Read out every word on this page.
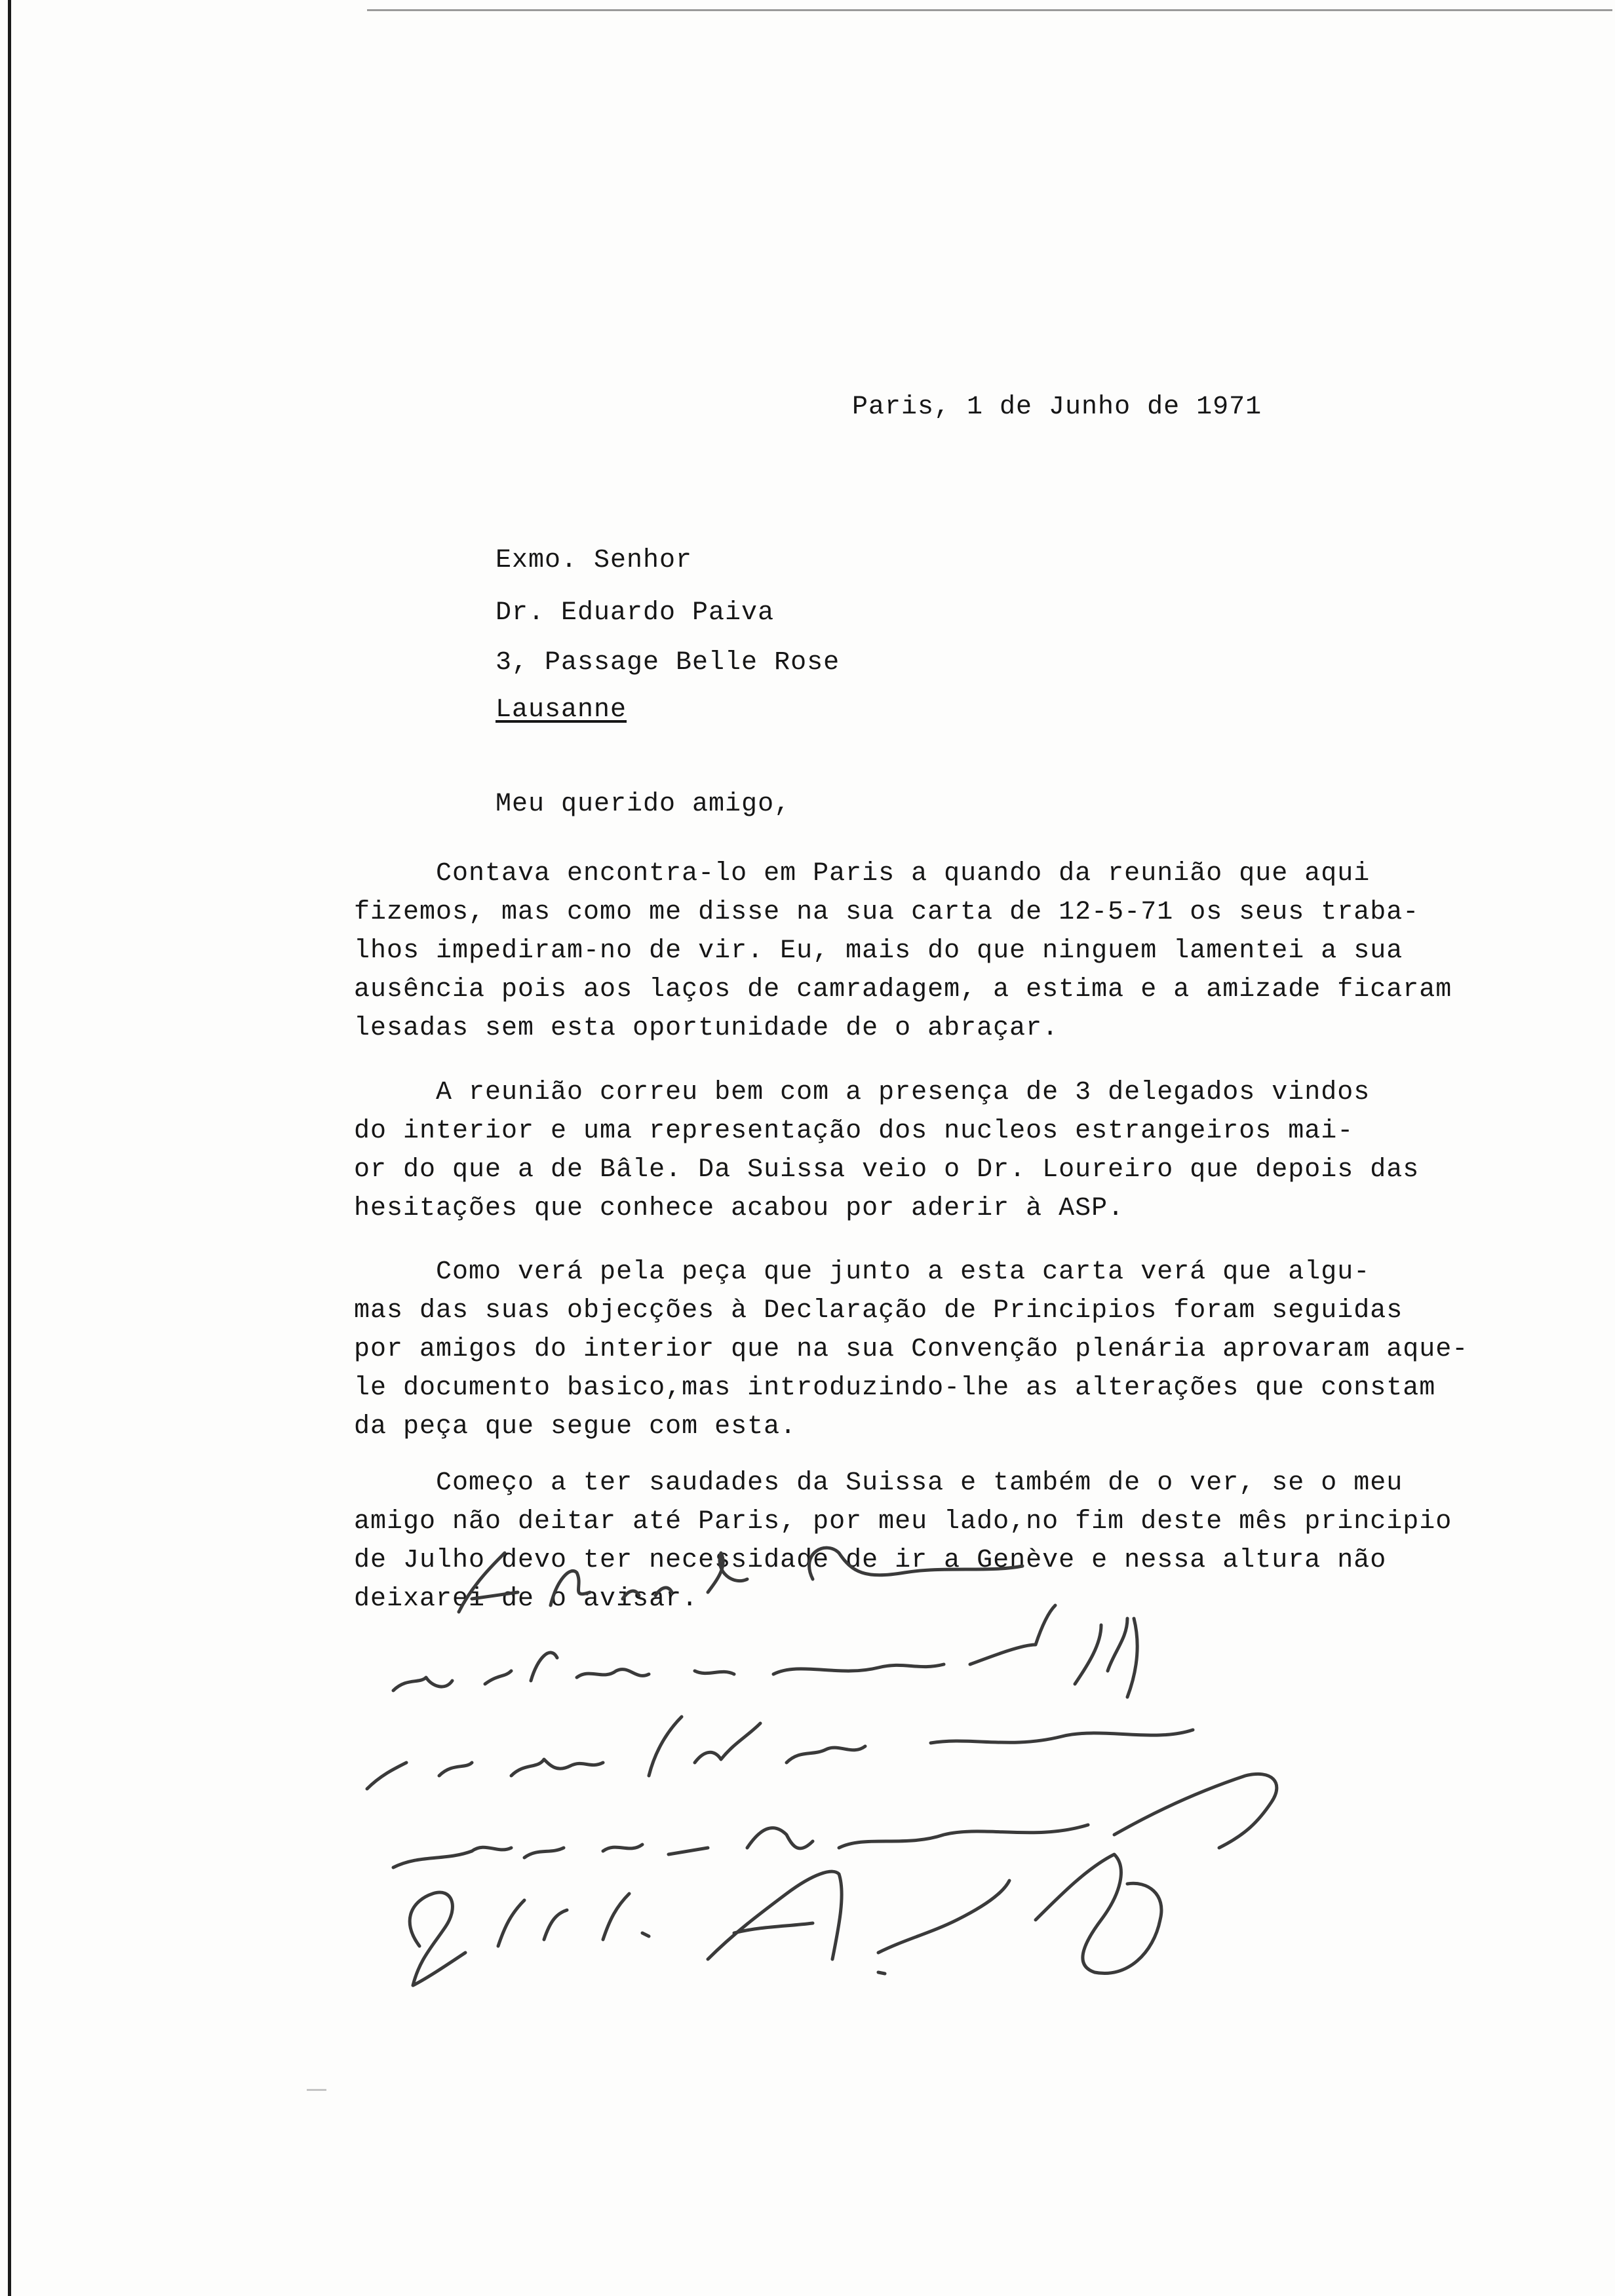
Paris, 1 de Junho de 1971
Exmo. Senhor
Dr. Eduardo Paiva
3, Passage Belle Rose
Lausanne
Meu querido amigo,
Contava encontra-lo em Paris a quando da reunião que aqui
fizemos, mas como me disse na sua carta de 12-5-71 os seus traba-
lhos impediram-no de vir. Eu, mais do que ninguem lamentei a sua
ausência pois aos laços de camradagem, a estima e a amizade ficaram
lesadas sem esta oportunidade de o abraçar.
A reunião correu bem com a presença de 3 delegados vindos
do interior e uma representação dos nucleos estrangeiros mai-
or do que a de Bâle. Da Suissa veio o Dr. Loureiro que depois das
hesitações que conhece acabou por aderir à ASP.
Como verá pela peça que junto a esta carta verá que algu-
mas das suas objecções à Declaração de Principios foram seguidas
por amigos do interior que na sua Convenção plenária aprovaram aque-
le documento basico,mas introduzindo-lhe as alterações que constam
da peça que segue com esta.
Começo a ter saudades da Suissa e também de o ver, se o meu
amigo não deitar até Paris, por meu lado,no fim deste mês principio
de Julho devo ter necessidade de ir a Genève e nessa altura não
deixarei de o avisar.
